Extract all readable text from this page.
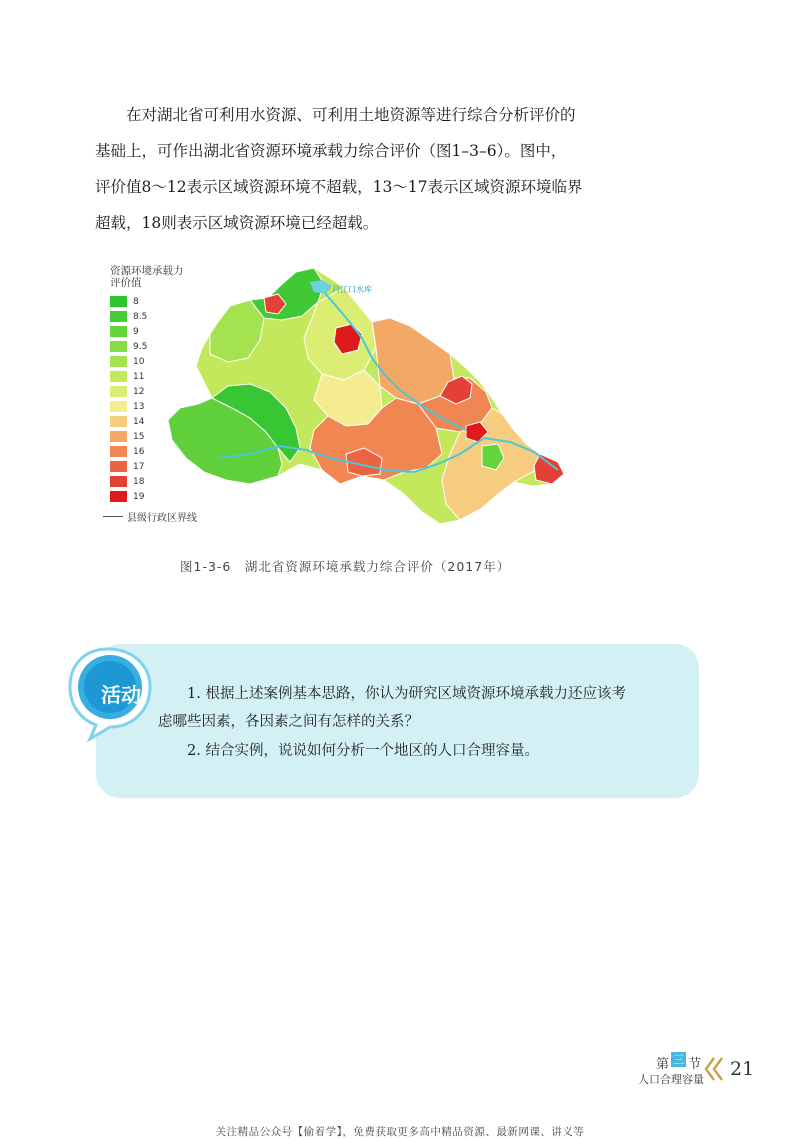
在对湖北省可利用水资源、可利用土地资源等进行综合分析评价的

基础上，可作出湖北省资源环境承载力综合评价（图1–3–6）。图中，

评价值8～12表示区域资源环境不超载，13～17表示区域资源环境临界

超载，18则表示区域资源环境已经超载。

丹江口水库
资源环境承载力
评价值
8
8.5
9
9.5
10
11
12
13
14
15
16
17
18
19
县级行政区界线
图1-3-6　湖北省资源环境承载力综合评价（2017年）
活动	1. 根据上述案例基本思路，你认为研究区域资源环境承载力还应该考
虑哪些因素，各因素之间有怎样的关系？
2. 结合实例，说说如何分析一个地区的人口合理容量。
第 三 节
人口合理容量 21
关注精品公众号【偷着学】，免费获取更多高中精品资源、最新网课、讲义等
